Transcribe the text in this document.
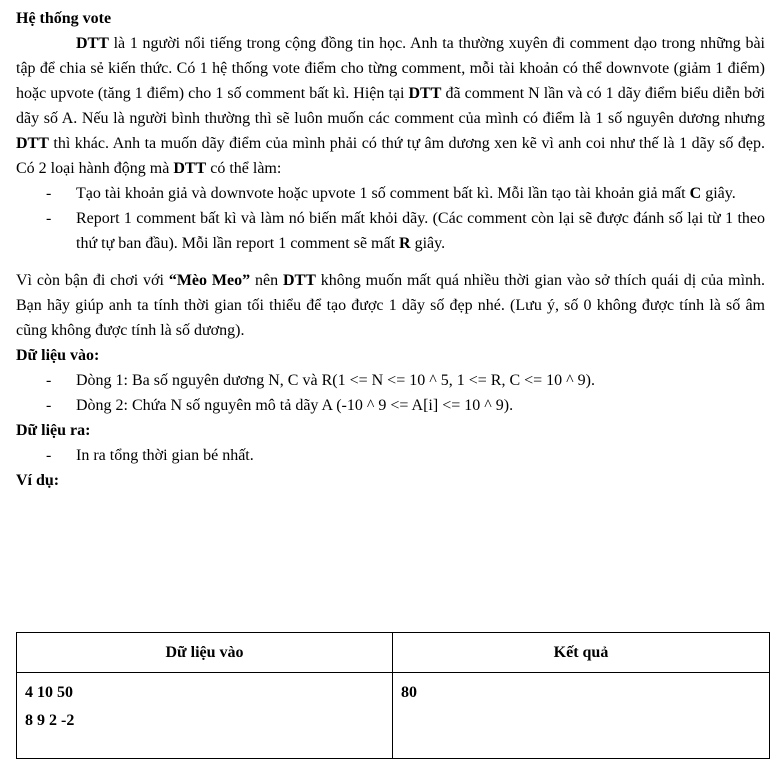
Hệ thống vote

DTT là 1 người nổi tiếng trong cộng đồng tin học. Anh ta thường xuyên đi comment dạo trong những bài tập để chia sẻ kiến thức. Có 1 hệ thống vote điểm cho từng comment, mỗi tài khoản có thể downvote (giảm 1 điểm) hoặc upvote (tăng 1 điểm) cho 1 số comment bất kì. Hiện tại DTT đã comment N lần và có 1 dãy điểm biểu diễn bởi dãy số A. Nếu là người bình thường thì sẽ luôn muốn các comment của mình có điểm là 1 số nguyên dương nhưng DTT thì khác. Anh ta muốn dãy điểm của mình phải có thứ tự âm dương xen kẽ vì anh coi như thế là 1 dãy số đẹp. Có 2 loại hành động mà DTT có thể làm:

- Tạo tài khoản giả và downvote hoặc upvote 1 số comment bất kì. Mỗi lần tạo tài khoản giả mất C giây.
- Report 1 comment bất kì và làm nó biến mất khỏi dãy. (Các comment còn lại sẽ được đánh số lại từ 1 theo thứ tự ban đầu). Mỗi lần report 1 comment sẽ mất R giây.

Vì còn bận đi chơi với “Mèo Meo” nên DTT không muốn mất quá nhiều thời gian vào sở thích quái dị của mình. Bạn hãy giúp anh ta tính thời gian tối thiểu để tạo được 1 dãy số đẹp nhé. (Lưu ý, số 0 không được tính là số âm cũng không được tính là số dương).

Dữ liệu vào:

- Dòng 1: Ba số nguyên dương N, C và R(1 <= N <= 10 ^ 5, 1 <= R, C <= 10 ^ 9).
- Dòng 2: Chứa N số nguyên mô tả dãy A (-10 ^ 9 <= A[i] <= 10 ^ 9).

Dữ liệu ra:

- In ra tổng thời gian bé nhất.

Ví dụ:

Dữ liệu vào	Kết quả

4 10 50
8 9 2 -2	80
